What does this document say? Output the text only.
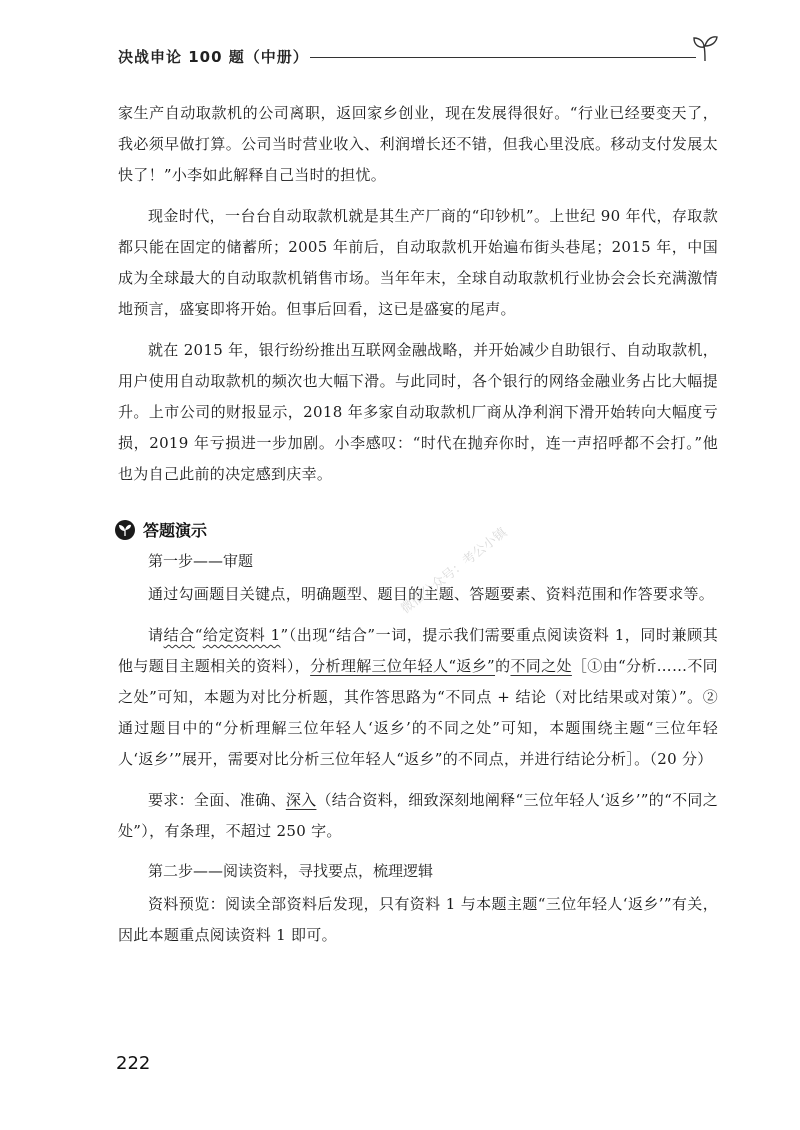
决战申论 100 题（中册）
微信公众号：考公小镇

家生产自动取款机的公司离职，返回家乡创业，现在发展得很好。“行业已经要变天了，我必须早做打算。公司当时营业收入、利润增长还不错，但我心里没底。移动支付发展太快了！”小李如此解释自己当时的担忧。

现金时代，一台台自动取款机就是其生产厂商的“印钞机”。上世纪 90 年代，存取款都只能在固定的储蓄所；2005 年前后，自动取款机开始遍布街头巷尾；2015 年，中国成为全球最大的自动取款机销售市场。当年年末，全球自动取款机行业协会会长充满激情地预言，盛宴即将开始。但事后回看，这已是盛宴的尾声。

就在 2015 年，银行纷纷推出互联网金融战略，并开始减少自助银行、自动取款机，用户使用自动取款机的频次也大幅下滑。与此同时，各个银行的网络金融业务占比大幅提升。上市公司的财报显示，2018 年多家自动取款机厂商从净利润下滑开始转向大幅度亏损，2019 年亏损进一步加剧。小李感叹：“时代在抛弃你时，连一声招呼都不会打。”他也为自己此前的决定感到庆幸。

答题演示
第一步——审题

通过勾画题目关键点，明确题型、题目的主题、答题要素、资料范围和作答要求等。

请结合“给定资料 1”（出现“结合”一词，提示我们需要重点阅读资料 1，同时兼顾其他与题目主题相关的资料），分析理解三位年轻人“返乡”的不同之处［①由“分析……不同之处”可知，本题为对比分析题，其作答思路为“不同点 + 结论（对比结果或对策）”。②通过题目中的“分析理解三位年轻人‘返乡’的不同之处”可知，本题围绕主题“三位年轻人‘返乡’”展开，需要对比分析三位年轻人“返乡”的不同点，并进行结论分析］。（20 分）

要求：全面、准确、深入（结合资料，细致深刻地阐释“三位年轻人‘返乡’”的“不同之处”），有条理，不超过 250 字。

第二步——阅读资料，寻找要点，梳理逻辑

资料预览：阅读全部资料后发现，只有资料 1 与本题主题“三位年轻人‘返乡’”有关，因此本题重点阅读资料 1 即可。

222
